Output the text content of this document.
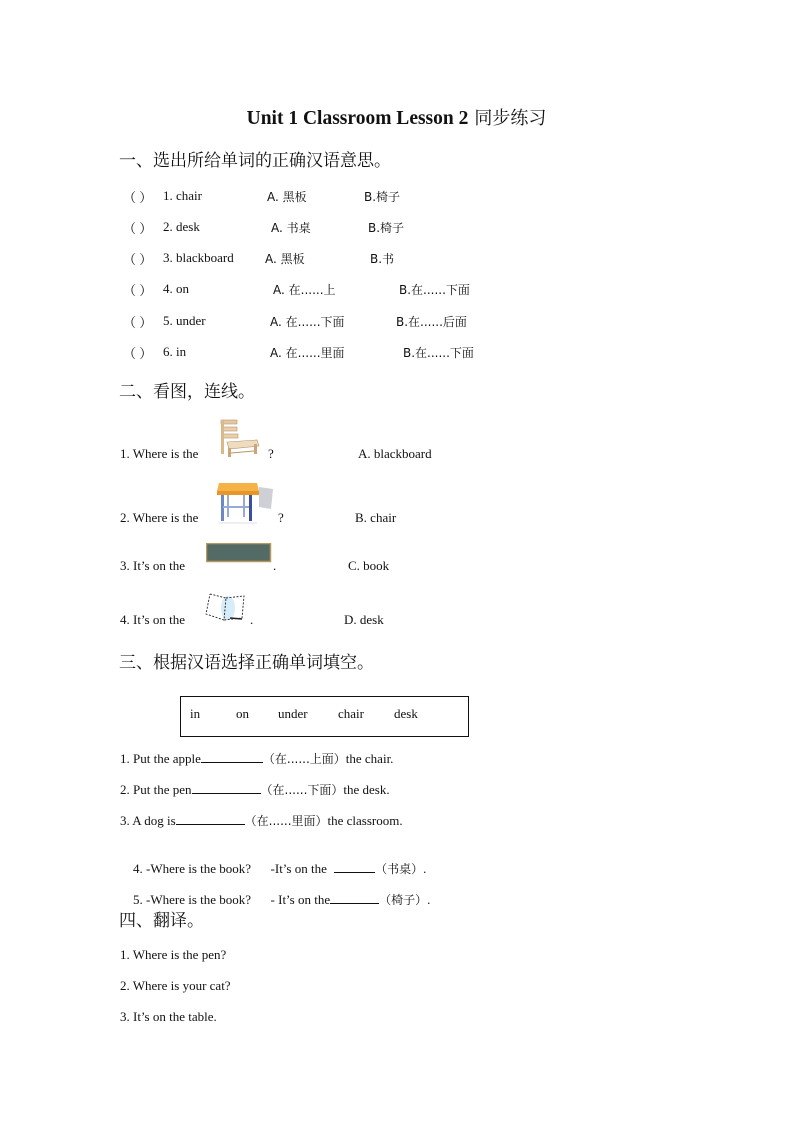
Unit 1 Classroom Lesson 2 同步练习
一、选出所给单词的正确汉语意思。
（ ） 1. chair	A. 黑板	B.椅子
（ ） 2. desk	A. 书桌	B.椅子
（ ） 3. blackboard	A. 黑板	B.书
（ ） 4. on	A. 在......上	B.在......下面
（ ） 5. under	A. 在......下面	B.在......后面
（ ） 6. in	A. 在......里面	B.在......下面
二、看图，连线。
1. Where is the	?	A. blackboard
2. Where is the	?	B. chair
3. It’s on the	.	C. book
4. It’s on the	.	D. desk
三、根据汉语选择正确单词填空。
in	on under chair desk
1. Put the apple	（在......上面）the chair.
2. Put the pen	（在......下面）the desk.
3. A dog is	（在......里面）the classroom.

4. -Where is the book?      -It’s on the	（书桌）.

5. -Where is the book?      - It’s on the	（椅子）.

四、翻译。
1. Where is the pen?
2. Where is your cat?
3. It’s on the table.
